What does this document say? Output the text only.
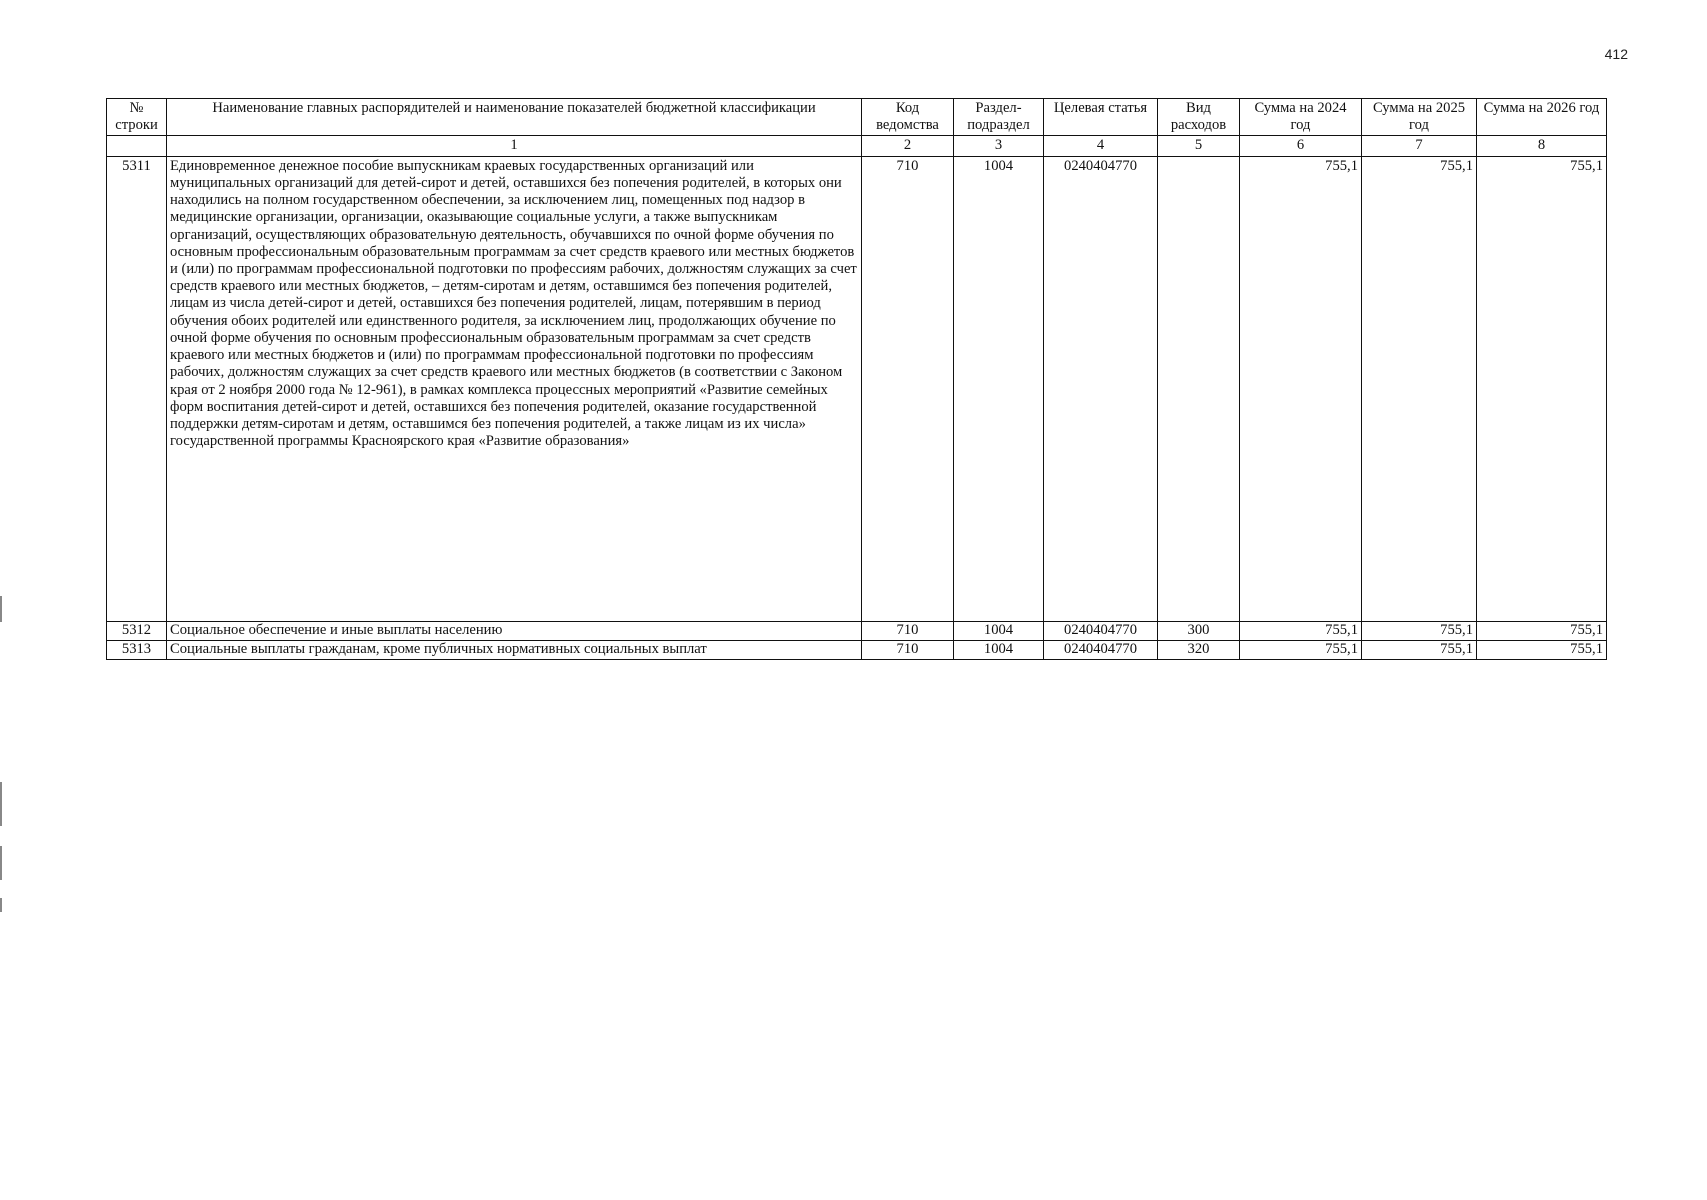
412
№ строки	Наименование главных распорядителей и наименование показателей бюджетной классификации	Код ведомства	Раздел-подраздел	Целевая статья	Вид расходов	Сумма на 2024 год	Сумма на 2025 год	Сумма на 2026 год
	1	2	3	4	5	6	7	8
5311	Единовременное денежное пособие выпускникам краевых государственных организаций или муниципальных организаций для детей-сирот и детей, оставшихся без попечения родителей, в которых они находились на полном государственном обеспечении, за исключением лиц, помещенных под надзор в медицинские организации, организации, оказывающие социальные услуги, а также выпускникам организаций, осуществляющих образовательную деятельность, обучавшихся по очной форме обучения по основным профессиональным образовательным программам за счет средств краевого или местных бюджетов и (или) по программам профессиональной подготовки по профессиям рабочих, должностям служащих за счет средств краевого или местных бюджетов, – детям-сиротам и детям, оставшимся без попечения родителей, лицам из числа детей-сирот и детей, оставшихся без попечения родителей, лицам, потерявшим в период обучения обоих родителей или единственного родителя, за исключением лиц, продолжающих обучение по очной форме обучения по основным профессиональным образовательным программам за счет средств краевого или местных бюджетов и (или) по программам профессиональной подготовки по профессиям рабочих, должностям служащих за счет средств краевого или местных бюджетов (в соответствии с Законом края от 2 ноября 2000 года № 12-961), в рамках комплекса процессных мероприятий «Развитие семейных форм воспитания детей-сирот и детей, оставшихся без попечения родителей, оказание государственной поддержки детям-сиротам и детям, оставшимся без попечения родителей, а также лицам из их числа» государственной программы Красноярского края «Развитие образования»	710	1004	0240404770		755,1	755,1	755,1
5312	Социальное обеспечение и иные выплаты населению	710	1004	0240404770	300	755,1	755,1	755,1
5313	Социальные выплаты гражданам, кроме публичных нормативных социальных выплат	710	1004	0240404770	320	755,1	755,1	755,1
